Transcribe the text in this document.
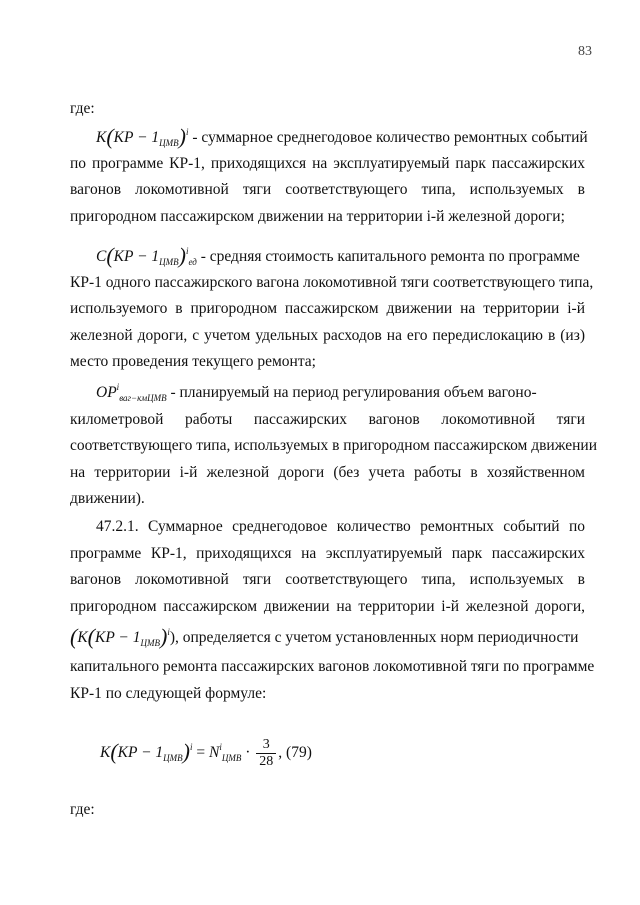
83
где:
$K(KP - 1_{ЦМВ})^i$ - суммарное среднегодовое количество ремонтных событий
по программе КР-1, приходящихся на эксплуатируемый парк пассажирских
вагонов локомотивной тяги соответствующего типа, используемых в
пригородном пассажирском движении на территории i-й железной дороги;
$C(KP - 1_{ЦМВ})^i_{ед}$ - средняя стоимость капитального ремонта по программе
КР-1 одного пассажирского вагона локомотивной тяги соответствующего типа,
используемого в пригородном пассажирском движении на территории i-й
железной дороги, с учетом удельных расходов на его передислокацию в (из)
место проведения текущего ремонта;
$OP^i_{ваг-кмЦМВ}$ - планируемый на период регулирования объем вагоно-
километровой работы пассажирских вагонов локомотивной тяги
соответствующего типа, используемых в пригородном пассажирском движении
на территории i-й железной дороги (без учета работы в хозяйственном
движении).
47.2.1. Суммарное среднегодовое количество ремонтных событий по
программе КР-1, приходящихся на эксплуатируемый парк пассажирских
вагонов локомотивной тяги соответствующего типа, используемых в
пригородном пассажирском движении на территории i-й железной дороги,
$(K(KP - 1_{ЦМВ})^i)$, определяется с учетом установленных норм периодичности
капитального ремонта пассажирских вагонов локомотивной тяги по программе
КР-1 по следующей формуле:
$K(KP - 1_{ЦМВ})^i = N^i_{ЦМВ} \cdot \frac{3}{28}$ , (79)
где:
